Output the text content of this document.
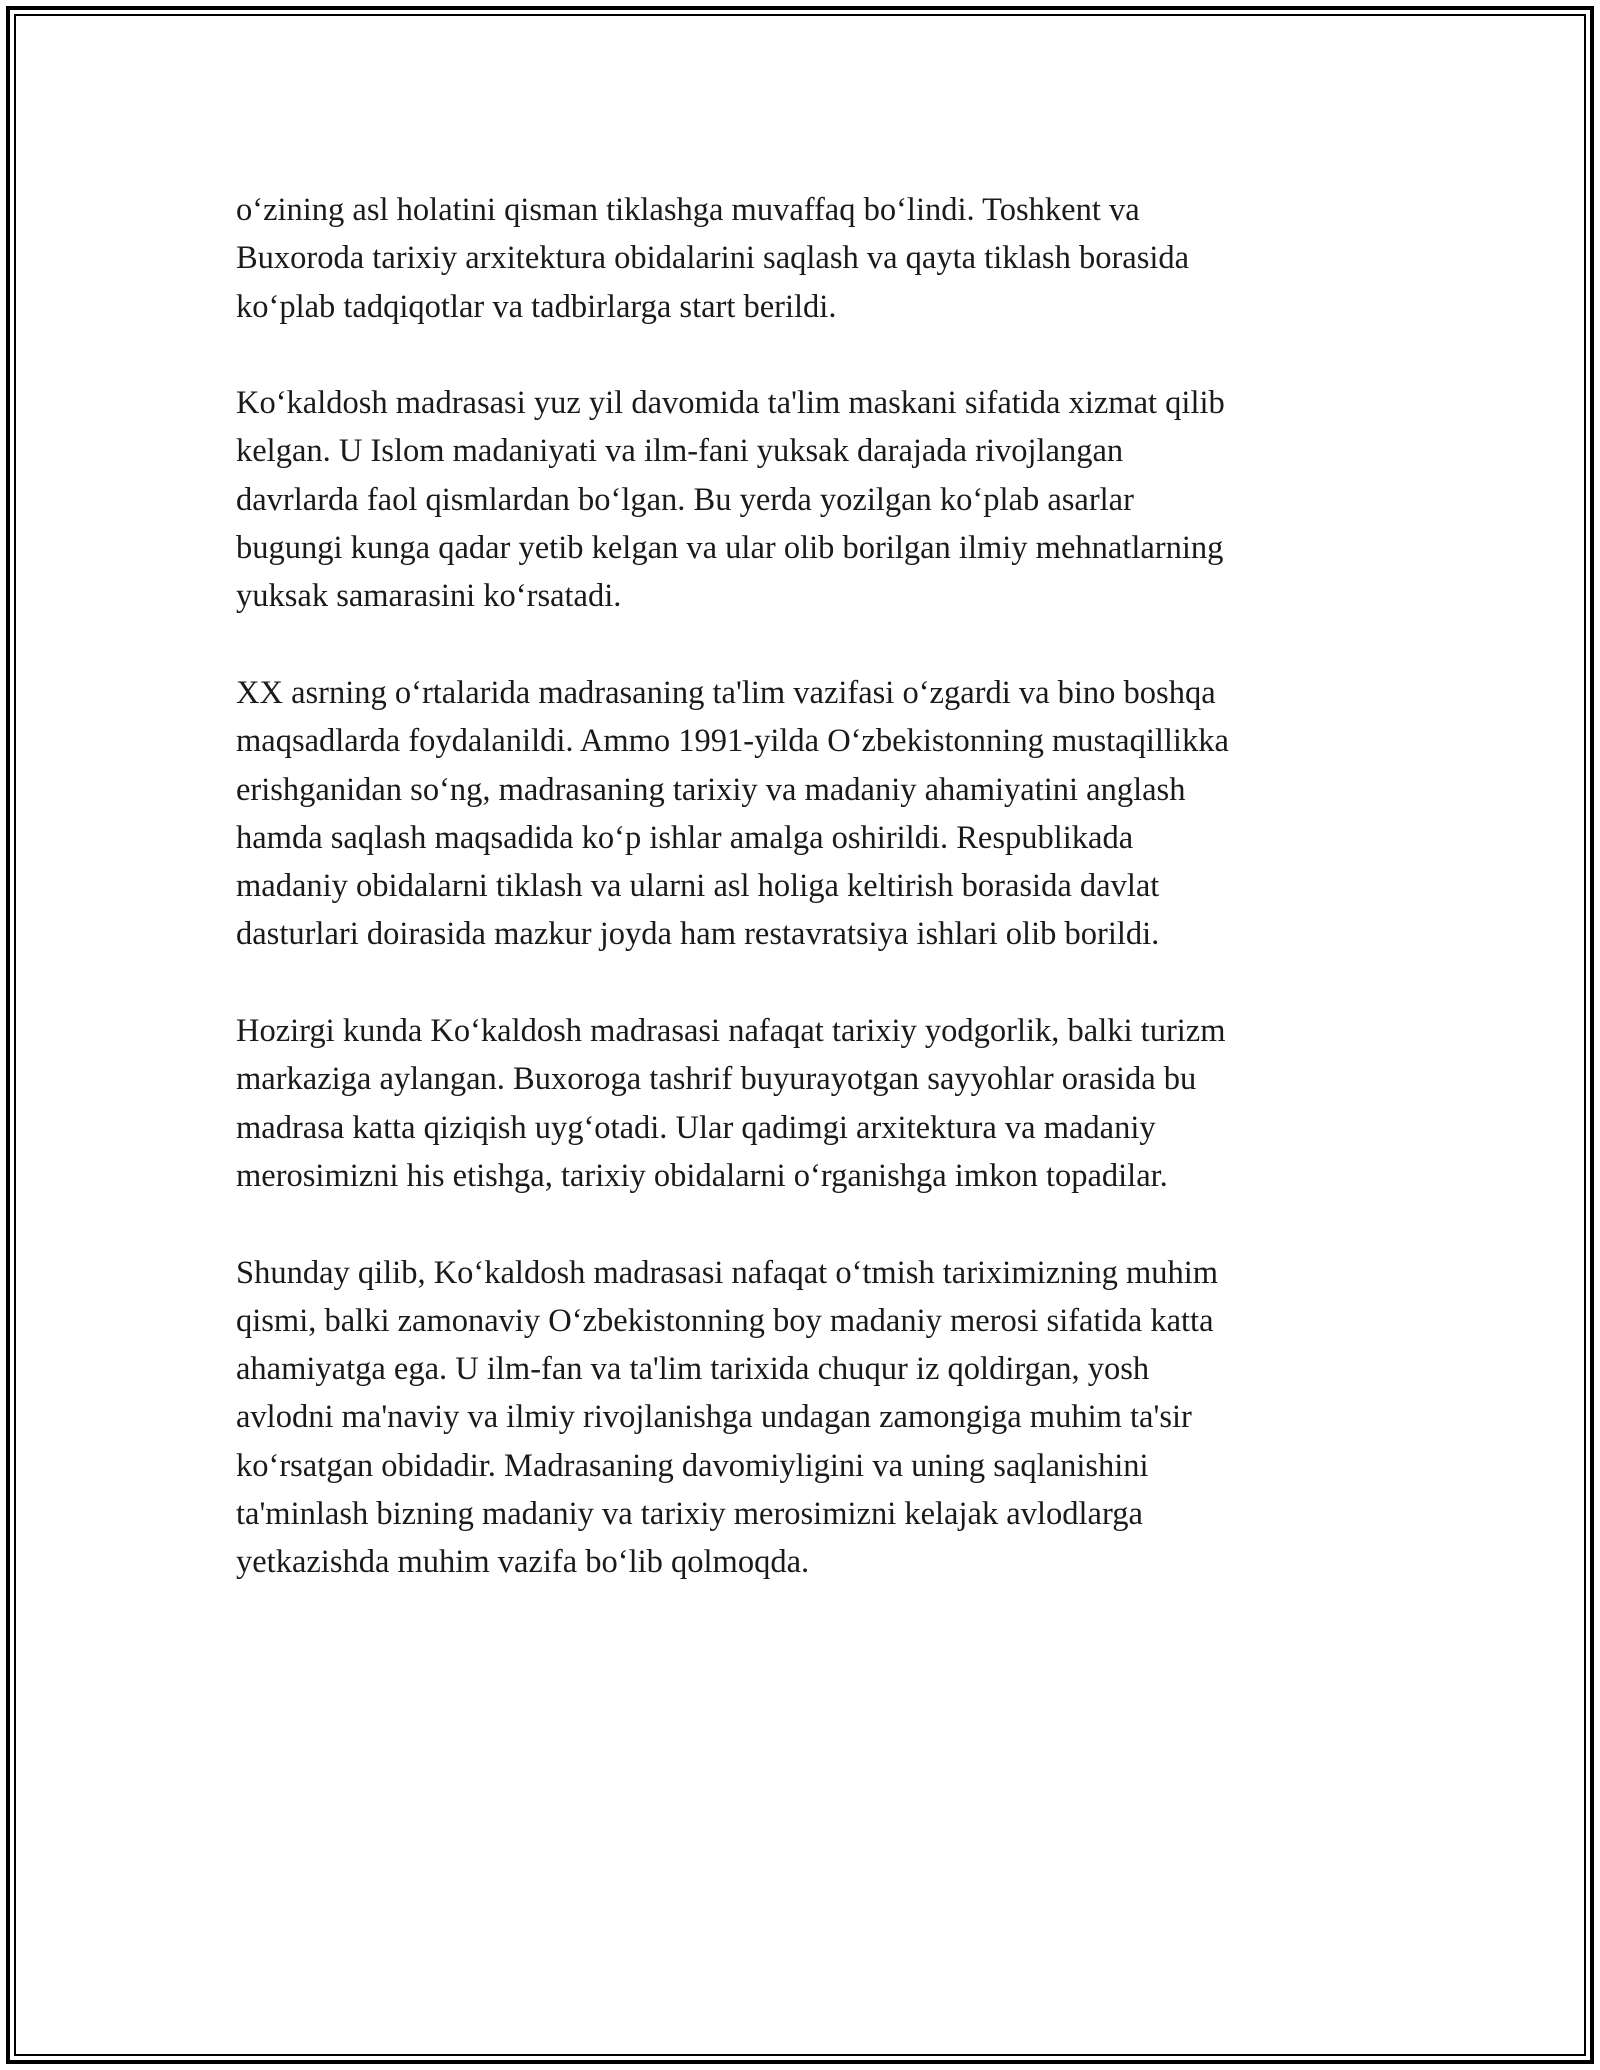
o‘zining asl holatini qisman tiklashga muvaffaq bo‘lindi. Toshkent va
Buxoroda tarixiy arxitektura obidalarini saqlash va qayta tiklash borasida
ko‘plab tadqiqotlar va tadbirlarga start berildi.

Ko‘kaldosh madrasasi yuz yil davomida ta'lim maskani sifatida xizmat qilib
kelgan. U Islom madaniyati va ilm-fani yuksak darajada rivojlangan
davrlarda faol qismlardan bo‘lgan. Bu yerda yozilgan ko‘plab asarlar
bugungi kunga qadar yetib kelgan va ular olib borilgan ilmiy mehnatlarning
yuksak samarasini ko‘rsatadi.

XX asrning o‘rtalarida madrasaning ta'lim vazifasi o‘zgardi va bino boshqa
maqsadlarda foydalanildi. Ammo 1991-yilda O‘zbekistonning mustaqillikka
erishganidan so‘ng, madrasaning tarixiy va madaniy ahamiyatini anglash
hamda saqlash maqsadida ko‘p ishlar amalga oshirildi. Respublikada
madaniy obidalarni tiklash va ularni asl holiga keltirish borasida davlat
dasturlari doirasida mazkur joyda ham restavratsiya ishlari olib borildi.

Hozirgi kunda Ko‘kaldosh madrasasi nafaqat tarixiy yodgorlik, balki turizm
markaziga aylangan. Buxoroga tashrif buyurayotgan sayyohlar orasida bu
madrasa katta qiziqish uyg‘otadi. Ular qadimgi arxitektura va madaniy
merosimizni his etishga, tarixiy obidalarni o‘rganishga imkon topadilar.

Shunday qilib, Ko‘kaldosh madrasasi nafaqat o‘tmish tariximizning muhim
qismi, balki zamonaviy O‘zbekistonning boy madaniy merosi sifatida katta
ahamiyatga ega. U ilm-fan va ta'lim tarixida chuqur iz qoldirgan, yosh
avlodni ma'naviy va ilmiy rivojlanishga undagan zamongiga muhim ta'sir
ko‘rsatgan obidadir. Madrasaning davomiyligini va uning saqlanishini
ta'minlash bizning madaniy va tarixiy merosimizni kelajak avlodlarga
yetkazishda muhim vazifa bo‘lib qolmoqda.
